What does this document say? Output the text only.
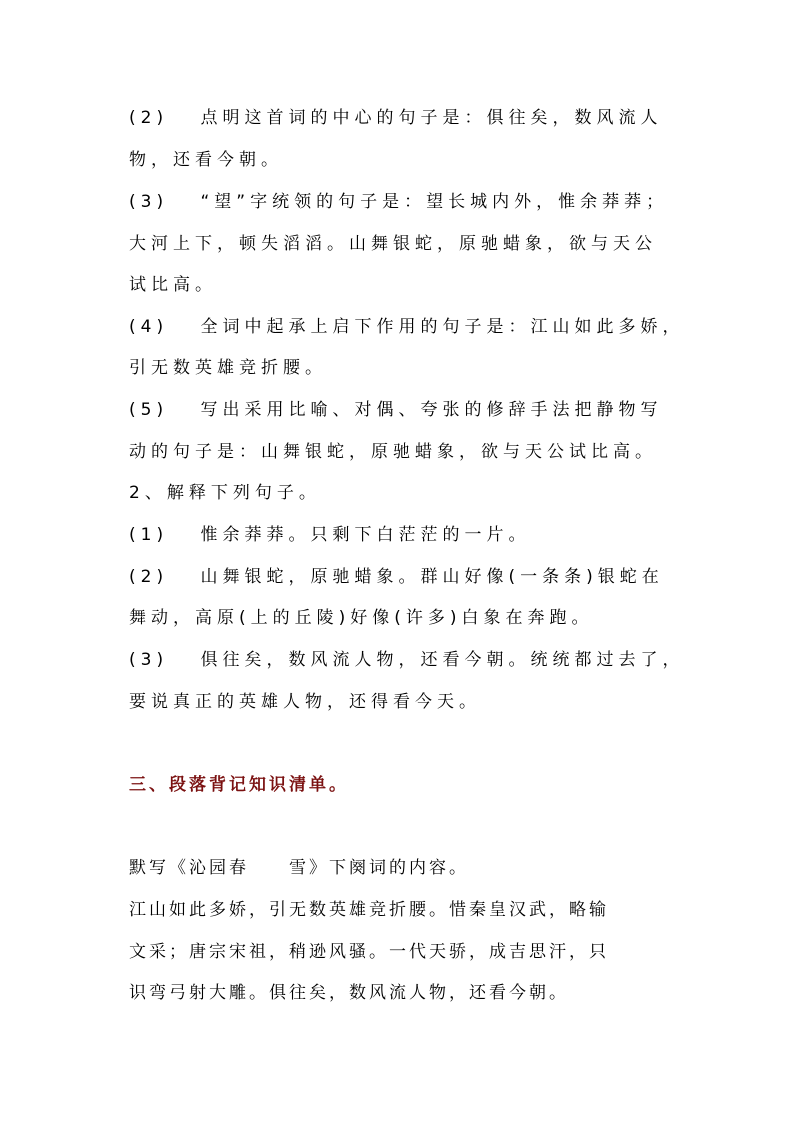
(2)　 点明这首词的中心的句子是：俱往矣，数风流人
物，还看今朝。
(3)　 “望”字统领的句子是：望长城内外，惟余莽莽；
大河上下，顿失滔滔。山舞银蛇，原驰蜡象，欲与天公
试比高。
(4)　 全词中起承上启下作用的句子是：江山如此多娇，
引无数英雄竞折腰。
(5)　 写出采用比喻、对偶、夸张的修辞手法把静物写
动的句子是：山舞银蛇，原驰蜡象，欲与天公试比高。
2、解释下列句子。
(1)　 惟余莽莽。只剩下白茫茫的一片。
(2)　 山舞银蛇，原驰蜡象。群山好像(一条条)银蛇在
舞动，高原(上的丘陵)好像(许多)白象在奔跑。
(3)　 俱往矣，数风流人物，还看今朝。统统都过去了，
要说真正的英雄人物，还得看今天。
三、段落背记知识清单。
默写《沁园春　　雪》下阕词的内容。
江山如此多娇，引无数英雄竞折腰。惜秦皇汉武，略输
文采；唐宗宋祖，稍逊风骚。一代天骄，成吉思汗，只
识弯弓射大雕。俱往矣，数风流人物，还看今朝。
